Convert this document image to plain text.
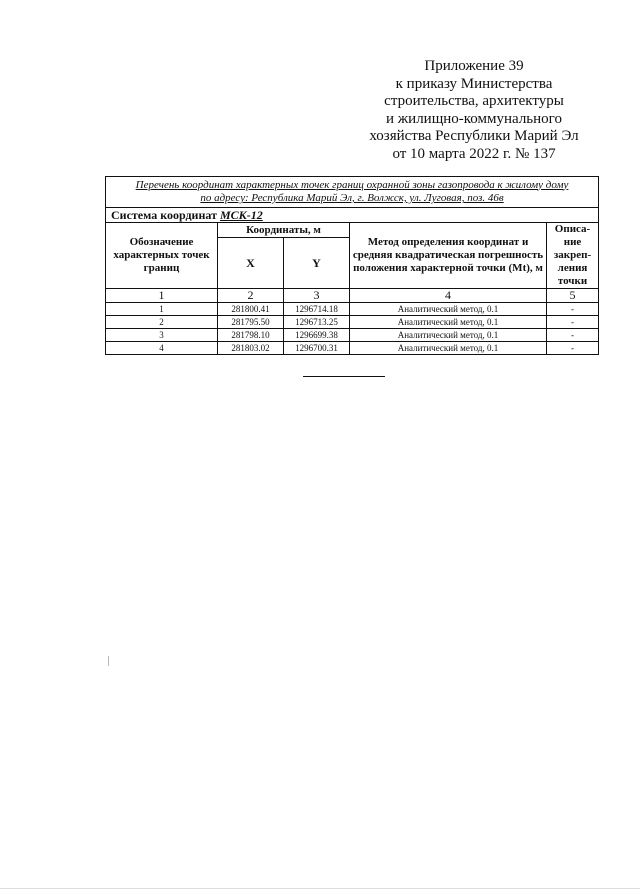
Приложение 39
к приказу Министерства
строительства, архитектуры
и жилищно-коммунального
хозяйства Республики Марий Эл
от 10 марта 2022 г. № 137
Перечень координат характерных точек границ охранной зоны газопровода к жилому дому
по адресу: Республика Марий Эл, г. Волжск, ул. Луговая, поз. 46в				

Система координат МСК-12				
Обозначение характерных точек границ	Координаты, м		Метод определения координат и средняя квадратическая погрешность положения характерной точки (Mt), м	Описа-ние закреп-ления точки
	X	Y		
1	2	3	4	5
1	281800.41	1296714.18	Аналитический метод, 0.1	-
2	281795.50	1296713.25	Аналитический метод, 0.1	-
3	281798.10	1296699.38	Аналитический метод, 0.1	-
4	281803.02	1296700.31	Аналитический метод, 0.1	-
